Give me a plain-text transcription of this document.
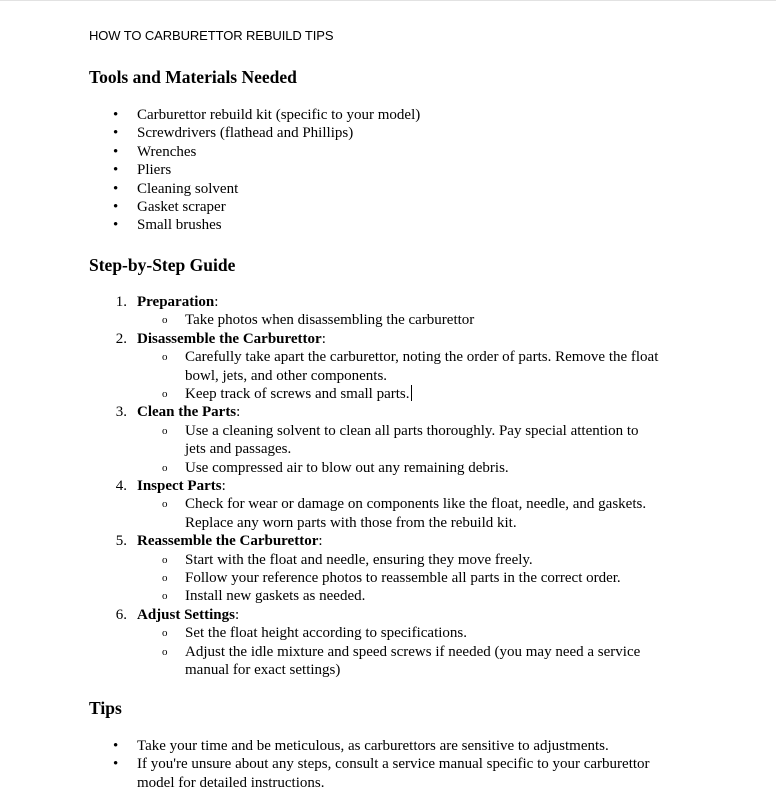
HOW TO CARBURETTOR REBUILD TIPS
Tools and Materials Needed
• Carburettor rebuild kit (specific to your model)
• Screwdrivers (flathead and Phillips)
• Wrenches
• Pliers
• Cleaning solvent
• Gasket scraper
• Small brushes
Step-by-Step Guide
1. Preparation:
o Take photos when disassembling the carburettor
2. Disassemble the Carburettor:
o Carefully take apart the carburettor, noting the order of parts. Remove the float
bowl, jets, and other components.
o Keep track of screws and small parts.
3. Clean the Parts:
o Use a cleaning solvent to clean all parts thoroughly. Pay special attention to
jets and passages.
o Use compressed air to blow out any remaining debris.
4. Inspect Parts:
o Check for wear or damage on components like the float, needle, and gaskets.
Replace any worn parts with those from the rebuild kit.
5. Reassemble the Carburettor:
o Start with the float and needle, ensuring they move freely.
o Follow your reference photos to reassemble all parts in the correct order.
o Install new gaskets as needed.
6. Adjust Settings:
o Set the float height according to specifications.
o Adjust the idle mixture and speed screws if needed (you may need a service
manual for exact settings)
Tips
• Take your time and be meticulous, as carburettors are sensitive to adjustments.
• If you're unsure about any steps, consult a service manual specific to your carburettor
model for detailed instructions.
